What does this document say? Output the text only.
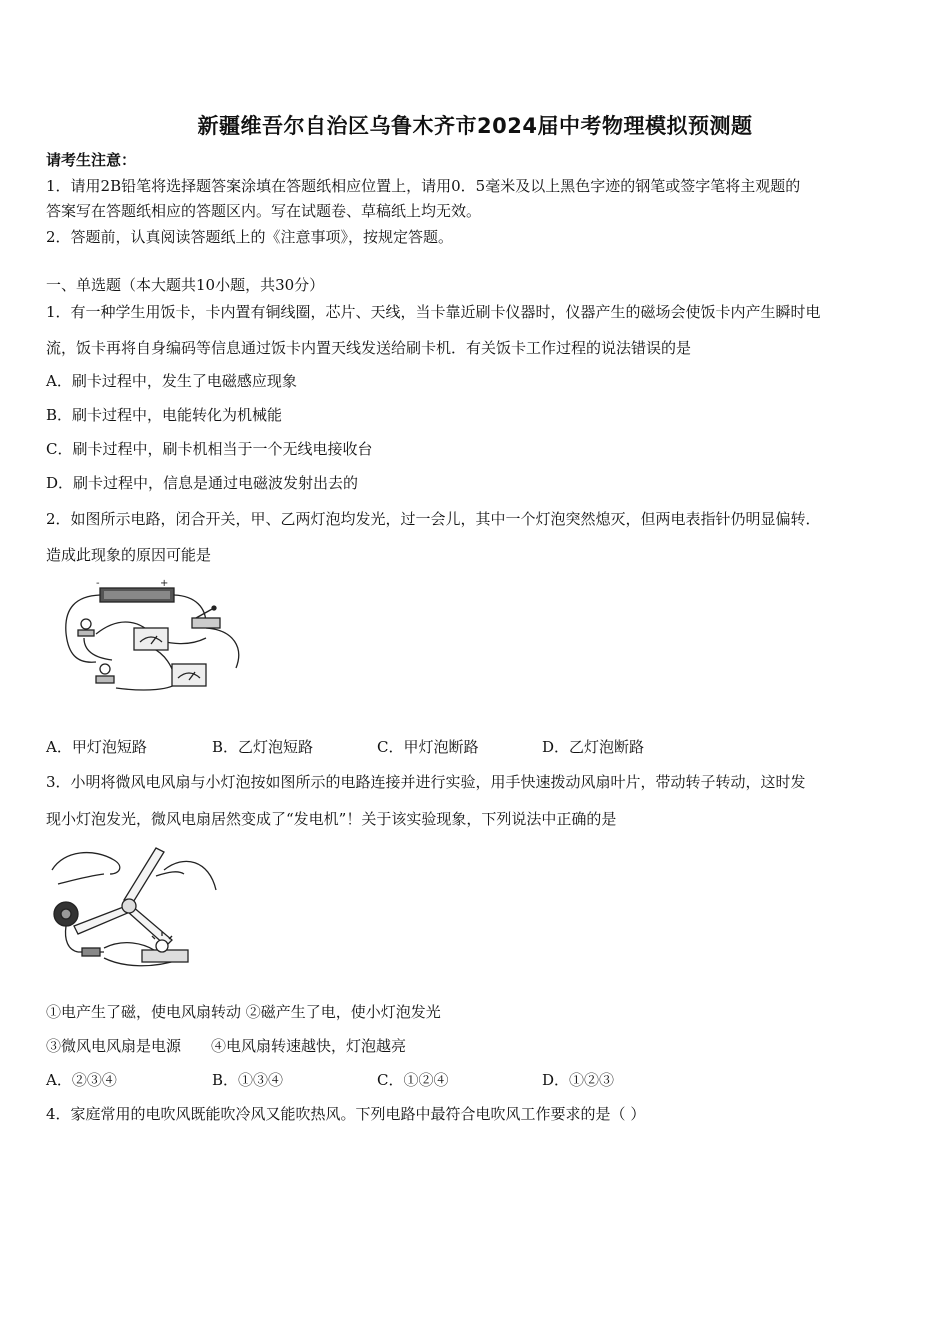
新疆维吾尔自治区乌鲁木齐市2024届中考物理模拟预测题
请考生注意：
1．请用2B铅笔将选择题答案涂填在答题纸相应位置上，请用0．5毫米及以上黑色字迹的钢笔或签字笔将主观题的
答案写在答题纸相应的答题区内。写在试题卷、草稿纸上均无效。
2．答题前，认真阅读答题纸上的《注意事项》，按规定答题。
一、单选题（本大题共10小题，共30分）
1．有一种学生用饭卡，卡内置有铜线圈，芯片、天线，当卡靠近刷卡仪器时，仪器产生的磁场会使饭卡内产生瞬时电
流，饭卡再将自身编码等信息通过饭卡内置天线发送给刷卡机．有关饭卡工作过程的说法错误的是
A．刷卡过程中，发生了电磁感应现象
B．刷卡过程中，电能转化为机械能
C．刷卡过程中，刷卡机相当于一个无线电接收台
D．刷卡过程中，信息是通过电磁波发射出去的
2．如图所示电路，闭合开关，甲、乙两灯泡均发光，过一会儿，其中一个灯泡突然熄灭，但两电表指针仍明显偏转．
造成此现象的原因可能是
-	+
A．甲灯泡短路	B．乙灯泡短路	C．甲灯泡断路	D．乙灯泡断路
3．小明将微风电风扇与小灯泡按如图所示的电路连接并进行实验，用手快速拨动风扇叶片，带动转子转动，这时发
现小灯泡发光，微风电扇居然变成了“发电机”！关于该实验现象，下列说法中正确的是
①电产生了磁，使电风扇转动 ②磁产生了电，使小灯泡发光
③微风电风扇是电源　　④电风扇转速越快，灯泡越亮
A．②③④	B．①③④	C．①②④	D．①②③
4．家庭常用的电吹风既能吹冷风又能吹热风。下列电路中最符合电吹风工作要求的是（ ）
